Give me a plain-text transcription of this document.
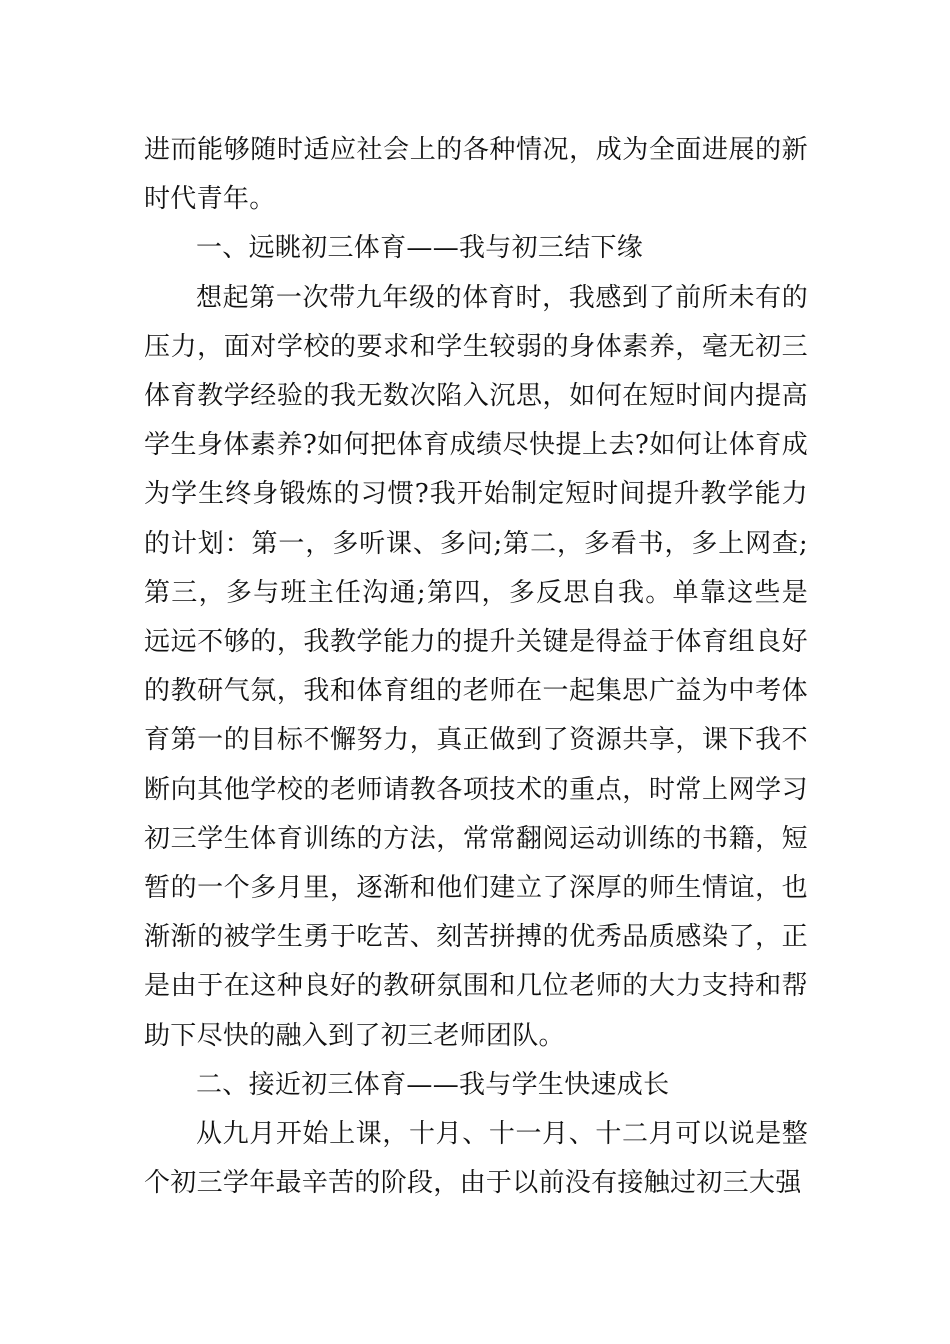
进而能够随时适应社会上的各种情况，成为全面进展的新时代青年。

一、远眺初三体育——我与初三结下缘

想起第一次带九年级的体育时，我感到了前所未有的压力，面对学校的要求和学生较弱的身体素养，毫无初三体育教学经验的我无数次陷入沉思，如何在短时间内提高学生身体素养?如何把体育成绩尽快提上去?如何让体育成为学生终身锻炼的习惯?我开始制定短时间提升教学能力的计划：第一，多听课、多问;第二，多看书，多上网查;第三，多与班主任沟通;第四，多反思自我。单靠这些是远远不够的，我教学能力的提升关键是得益于体育组良好的教研气氛，我和体育组的老师在一起集思广益为中考体育第一的目标不懈努力，真正做到了资源共享，课下我不断向其他学校的老师请教各项技术的重点，时常上网学习初三学生体育训练的方法，常常翻阅运动训练的书籍，短暂的一个多月里，逐渐和他们建立了深厚的师生情谊，也渐渐的被学生勇于吃苦、刻苦拼搏的优秀品质感染了，正是由于在这种良好的教研氛围和几位老师的大力支持和帮助下尽快的融入到了初三老师团队。

二、接近初三体育——我与学生快速成长

从九月开始上课，十月、十一月、十二月可以说是整个初三学年最辛苦的阶段，由于以前没有接触过初三大强
